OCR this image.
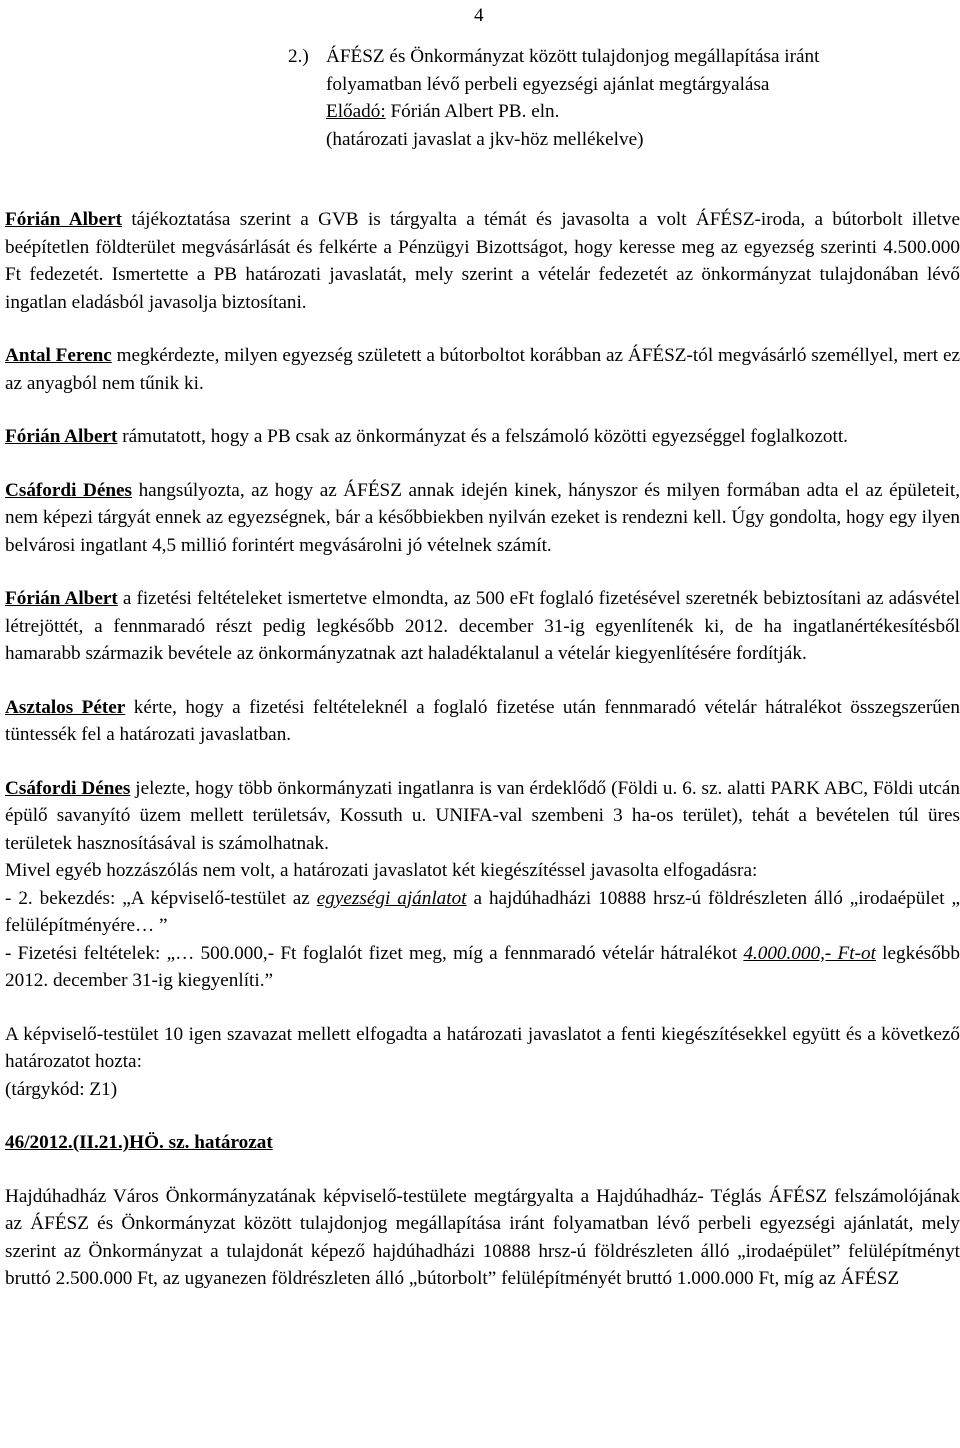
4
2.) ÁFÉSZ és Önkormányzat között tulajdonjog megállapítása iránt
folyamatban lévő perbeli egyezségi ajánlat megtárgyalása
Előadó: Fórián Albert PB. eln.
(határozati javaslat a jkv-höz mellékelve)

Fórián Albert tájékoztatása szerint a GVB is tárgyalta a témát és javasolta a volt ÁFÉSZ-iroda, a bútorbolt illetve beépítetlen földterület megvásárlását és felkérte a Pénzügyi Bizottságot, hogy keresse meg az egyezség szerinti 4.500.000 Ft fedezetét. Ismertette a PB határozati javaslatát, mely szerint a vételár fedezetét az önkormányzat tulajdonában lévő ingatlan eladásból javasolja biztosítani.

Antal Ferenc megkérdezte, milyen egyezség született a bútorboltot korábban az ÁFÉSZ-tól megvásárló személlyel, mert ez az anyagból nem tűnik ki.

Fórián Albert rámutatott, hogy a PB csak az önkormányzat és a felszámoló közötti egyezséggel foglalkozott.

Csáfordi Dénes hangsúlyozta, az hogy az ÁFÉSZ annak idején kinek, hányszor és milyen formában adta el az épületeit, nem képezi tárgyát ennek az egyezségnek, bár a későbbiekben nyilván ezeket is rendezni kell. Úgy gondolta, hogy egy ilyen belvárosi ingatlant 4,5 millió forintért megvásárolni jó vételnek számít.

Fórián Albert a fizetési feltételeket ismertetve elmondta, az 500 eFt foglaló fizetésével szeretnék bebiztosítani az adásvétel létrejöttét, a fennmaradó részt pedig legkésőbb 2012. december 31-ig egyenlítenék ki, de ha ingatlanértékesítésből hamarabb származik bevétele az önkormányzatnak azt haladéktalanul a vételár kiegyenlítésére fordítják.

Asztalos Péter kérte, hogy a fizetési feltételeknél a foglaló fizetése után fennmaradó vételár hátralékot összegszerűen tüntessék fel a határozati javaslatban.

Csáfordi Dénes jelezte, hogy több önkormányzati ingatlanra is van érdeklődő (Földi u. 6. sz. alatti PARK ABC, Földi utcán épülő savanyító üzem mellett területsáv, Kossuth u. UNIFA-val szembeni 3 ha-os terület), tehát a bevételen túl üres területek hasznosításával is számolhatnak.

Mivel egyéb hozzászólás nem volt, a határozati javaslatot két kiegészítéssel javasolta elfogadásra:

- 2. bekezdés: „A képviselő-testület az egyezségi ajánlatot a hajdúhadházi 10888 hrsz-ú földrészleten álló „irodaépület „ felülépítményére… ”

- Fizetési feltételek: „… 500.000,- Ft foglalót fizet meg, míg a fennmaradó vételár hátralékot 4.000.000,- Ft-ot legkésőbb 2012. december 31-ig kiegyenlíti.”

A képviselő-testület 10 igen szavazat mellett elfogadta a határozati javaslatot a fenti kiegészítésekkel együtt és a következő határozatot hozta:

(tárgykód: Z1)

46/2012.(II.21.)HÖ. sz. határozat

Hajdúhadház Város Önkormányzatának képviselő-testülete megtárgyalta a Hajdúhadház- Téglás ÁFÉSZ felszámolójának az ÁFÉSZ és Önkormányzat között tulajdonjog megállapítása iránt folyamatban lévő perbeli egyezségi ajánlatát, mely szerint az Önkormányzat a tulajdonát képező hajdúhadházi 10888 hrsz-ú földrészleten álló „irodaépület” felülépítményt bruttó 2.500.000 Ft, az ugyanezen földrészleten álló „bútorbolt” felülépítményét bruttó 1.000.000 Ft, míg az ÁFÉSZ
